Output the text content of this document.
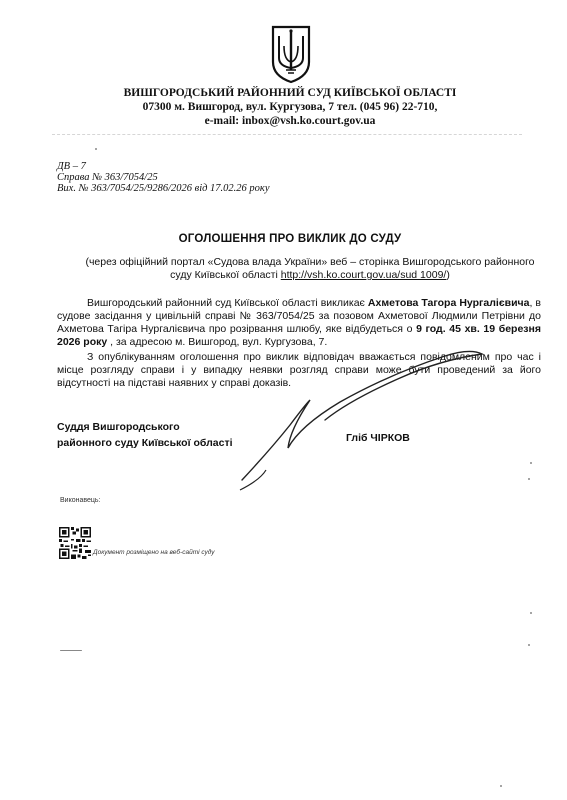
ВИШГОРОДСЬКИЙ РАЙОННИЙ СУД КИЇВСЬКОЇ ОБЛАСТІ
07300 м. Вишгород, вул. Кургузова, 7 тел. (045 96) 22-710,
e-mail: inbox@vsh.ko.court.gov.ua
ДВ – 7
Справа № 363/7054/25
Вих. № 363/7054/25/9286/2026 від 17.02.26 року
ОГОЛОШЕННЯ ПРО ВИКЛИК ДО СУДУ
(через офіційний портал «Судова влада України» веб – сторінка Вишгородського районного суду Київської області http://vsh.ko.court.gov.ua/sud 1009/)
Вишгородський районний суд Київської області викликає Ахметова Тагора Нургалієвича, в судове засідання у цивільній справі № 363/7054/25 за позовом Ахметової Людмили Петрівни до Ахметова Тагіра Нургалієвича про розірвання шлюбу, яке відбудеться о 9 год. 45 хв. 19 березня 2026 року , за адресою м. Вишгород, вул. Кургузова, 7.
З опублікуванням оголошення про виклик відповідач вважається повідомленим про час і місце розгляду справи і у випадку неявки розгляд справи може бути проведений за його відсутності на підставі наявних у справі доказів.
Суддя Вишгородського
районного суду Київської області	Гліб ЧІРКОВ
Виконавець:
Документ розміщено на веб-сайті суду
